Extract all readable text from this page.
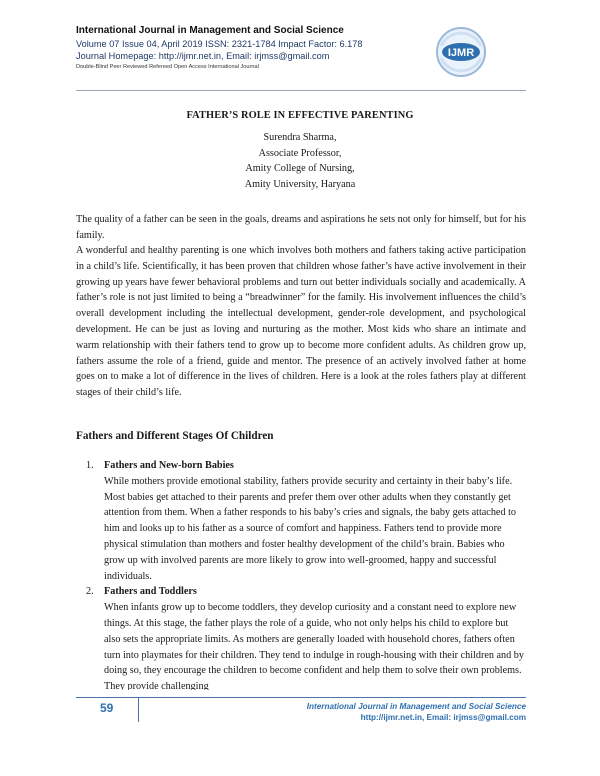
International Journal in Management and Social Science
Volume 07 Issue 04, April 2019 ISSN: 2321-1784 Impact Factor: 6.178
Journal Homepage: http://ijmr.net.in, Email: irjmss@gmail.com
Double-Blind Peer Reviewed Refereed Open Access International Journal
IJMR
FATHER’S ROLE IN EFFECTIVE PARENTING
Surendra Sharma,
Associate Professor,
Amity College of Nursing,
Amity University, Haryana
The quality of a father can be seen in the goals, dreams and aspirations he sets not only for himself, but for his family.
A wonderful and healthy parenting is one which involves both mothers and fathers taking active participation in a child’s life. Scientifically, it has been proven that children whose father’s have active involvement in their growing up years have fewer behavioral problems and turn out better individuals socially and academically. A father’s role is not just limited to being a “breadwinner” for the family. His involvement influences the child’s overall development including the intellectual development, gender-role development, and psychological development. He can be just as loving and nurturing as the mother. Most kids who share an intimate and warm relationship with their fathers tend to grow up to become more confident adults. As children grow up, fathers assume the role of a friend, guide and mentor. The presence of an actively involved father at home goes on to make a lot of difference in the lives of children. Here is a look at the roles fathers play at different stages of their child’s life.
Fathers and Different Stages Of Children
1. Fathers and New-born Babies
While mothers provide emotional stability, fathers provide security and certainty in their baby’s life. Most babies get attached to their parents and prefer them over other adults when they constantly get attention from them. When a father responds to his baby’s cries and signals, the baby gets attached to him and looks up to his father as a source of comfort and happiness. Fathers tend to provide more physical stimulation than mothers and foster healthy development of the child’s brain. Babies who grow up with involved parents are more likely to grow into well-groomed, happy and successful individuals.
2. Fathers and Toddlers
When infants grow up to become toddlers, they develop curiosity and a constant need to explore new things. At this stage, the father plays the role of a guide, who not only helps his child to explore but also sets the appropriate limits. As mothers are generally loaded with household chores, fathers often turn into playmates for their children. They tend to indulge in rough-housing with their children and by doing so, they encourage the children to become confident and help them to solve their own problems. They provide challenging
59	International Journal in Management and Social Science
http://ijmr.net.in, Email: irjmss@gmail.com
